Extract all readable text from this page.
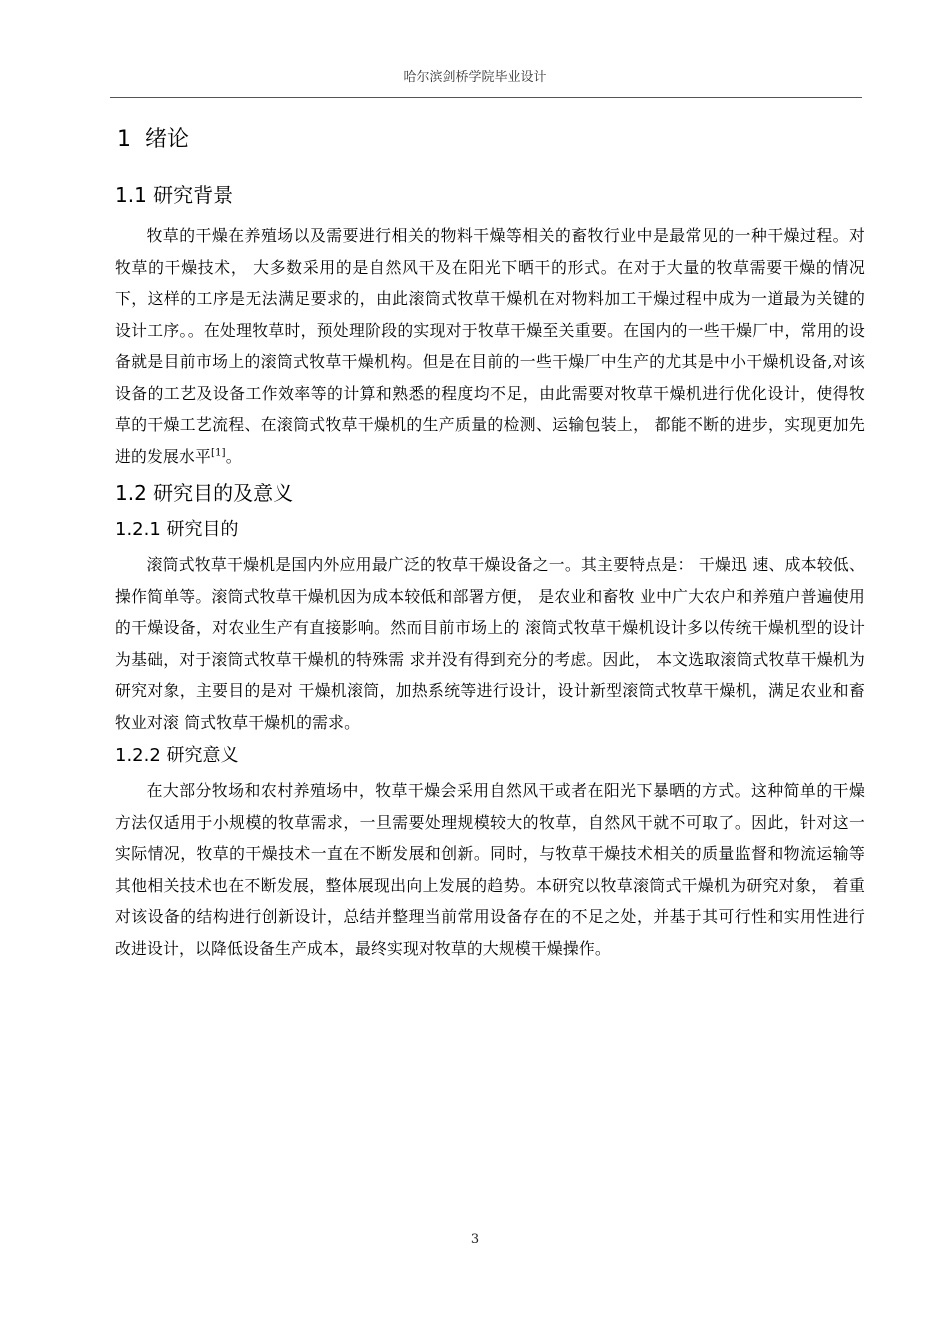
哈尔滨剑桥学院毕业设计
1 绪论
1.1 研究背景

牧草的干燥在养殖场以及需要进行相关的物料干燥等相关的畜牧行业中是最常见的一种干燥过程。对牧草的干燥技术， 大多数采用的是自然风干及在阳光下晒干的形式。在对于大量的牧草需要干燥的情况下，这样的工序是无法满足要求的，由此滚筒式牧草干燥机在对物料加工干燥过程中成为一道最为关键的设计工序。。在处理牧草时，预处理阶段的实现对于牧草干燥至关重要。在国内的一些干燥厂中，常用的设备就是目前市场上的滚筒式牧草干燥机构。但是在目前的一些干燥厂中生产的尤其是中小干燥机设备,对该设备的工艺及设备工作效率等的计算和熟悉的程度均不足，由此需要对牧草干燥机进行优化设计，使得牧草的干燥工艺流程、在滚筒式牧草干燥机的生产质量的检测、运输包装上， 都能不断的进步，实现更加先进的发展水平[1]。

1.2 研究目的及意义
1.2.1 研究目的

滚筒式牧草干燥机是国内外应用最广泛的牧草干燥设备之一。其主要特点是： 干燥迅 速、成本较低、操作简单等。滚筒式牧草干燥机因为成本较低和部署方便， 是农业和畜牧 业中广大农户和养殖户普遍使用的干燥设备，对农业生产有直接影响。然而目前市场上的 滚筒式牧草干燥机设计多以传统干燥机型的设计为基础，对于滚筒式牧草干燥机的特殊需 求并没有得到充分的考虑。因此， 本文选取滚筒式牧草干燥机为研究对象，主要目的是对 干燥机滚筒，加热系统等进行设计，设计新型滚筒式牧草干燥机，满足农业和畜牧业对滚 筒式牧草干燥机的需求。

1.2.2 研究意义

在大部分牧场和农村养殖场中，牧草干燥会采用自然风干或者在阳光下暴晒的方式。这种简单的干燥方法仅适用于小规模的牧草需求，一旦需要处理规模较大的牧草，自然风干就不可取了。因此，针对这一实际情况，牧草的干燥技术一直在不断发展和创新。同时，与牧草干燥技术相关的质量监督和物流运输等其他相关技术也在不断发展，整体展现出向上发展的趋势。本研究以牧草滚筒式干燥机为研究对象， 着重对该设备的结构进行创新设计，总结并整理当前常用设备存在的不足之处，并基于其可行性和实用性进行改进设计，以降低设备生产成本，最终实现对牧草的大规模干燥操作。

3
